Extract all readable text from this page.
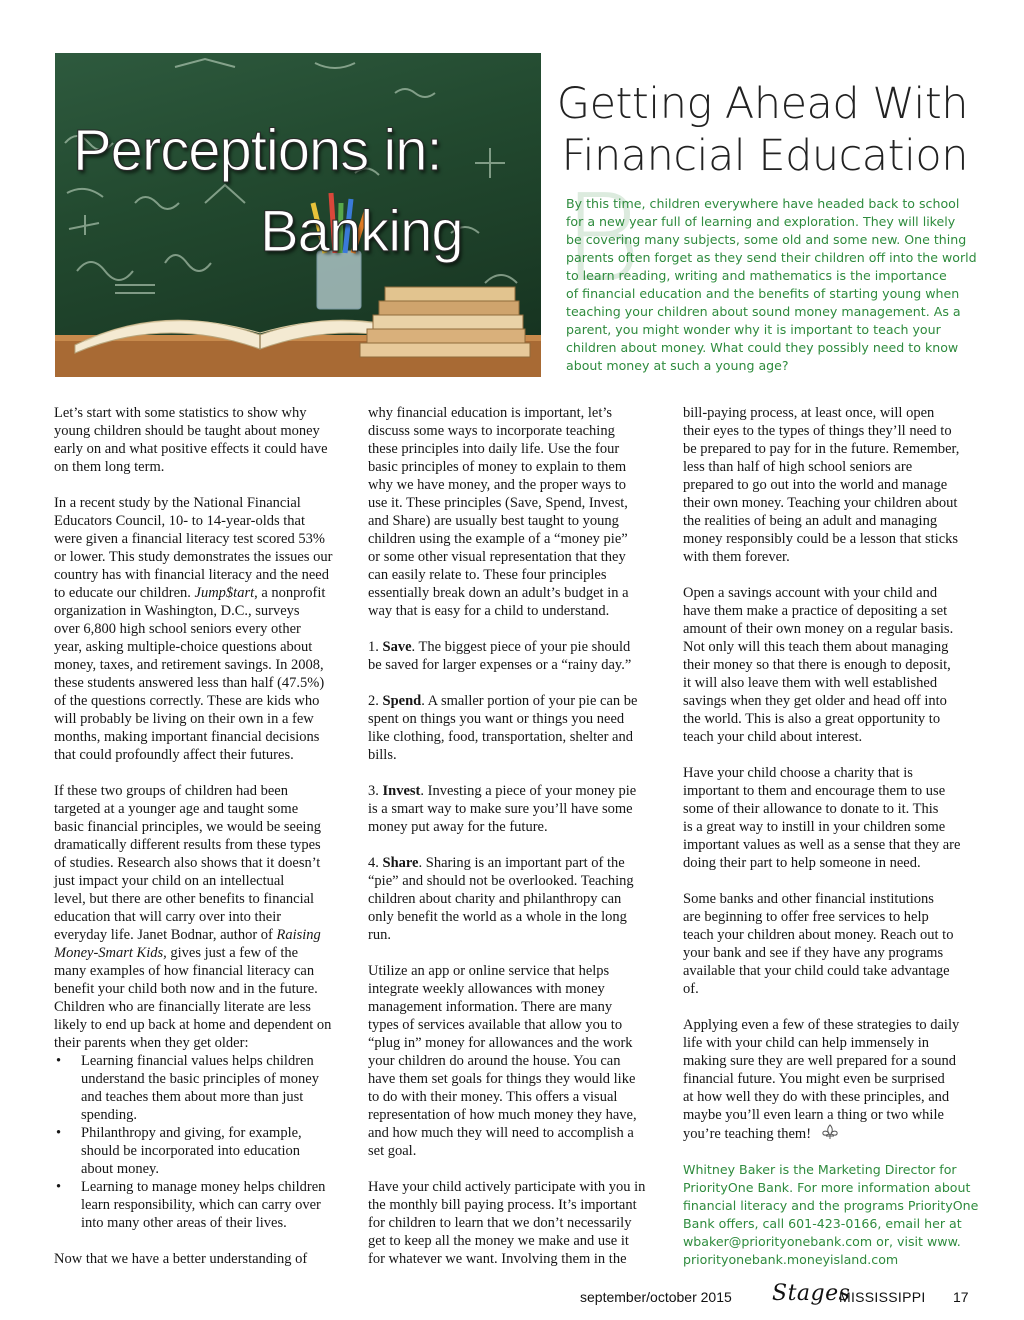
Perceptions in:
Banking
Getting Ahead With
Financial Education
B

By this time, children everywhere have headed back to school
for a new year full of learning and exploration. They will likely
be covering many subjects, some old and some new. One thing
parents often forget as they send their children off into the world
to learn reading, writing and mathematics is the importance
of financial education and the benefits of starting young when
teaching your children about sound money management. As a
parent, you might wonder why it is important to teach your
children about money. What could they possibly need to know
about money at such a young age?

Let’s start with some statistics to show why
young children should be taught about money
early on and what positive effects it could have
on them long term.

In a recent study by the National Financial
Educators Council, 10- to 14-year-olds that
were given a financial literacy test scored 53%
or lower. This study demonstrates the issues our
country has with financial literacy and the need
to educate our children. Jump$tart, a nonprofit
organization in Washington, D.C., surveys
over 6,800 high school seniors every other
year, asking multiple-choice questions about
money, taxes, and retirement savings. In 2008,
these students answered less than half (47.5%)
of the questions correctly. These are kids who
will probably be living on their own in a few
months, making important financial decisions
that could profoundly affect their futures.

If these two groups of children had been
targeted at a younger age and taught some
basic financial principles, we would be seeing
dramatically different results from these types
of studies. Research also shows that it doesn’t
just impact your child on an intellectual
level, but there are other benefits to financial
education that will carry over into their
everyday life. Janet Bodnar, author of Raising
Money-Smart Kids, gives just a few of the
many examples of how financial literacy can
benefit your child both now and in the future.
Children who are financially literate are less
likely to end up back at home and dependent on
their parents when they get older:

• Learning financial values helps children
understand the basic principles of money
and teaches them about more than just
spending.
• Philanthropy and giving, for example,
should be incorporated into education
about money.
• Learning to manage money helps children
learn responsibility, which can carry over
into many other areas of their lives.

Now that we have a better understanding of

why financial education is important, let’s
discuss some ways to incorporate teaching
these principles into daily life. Use the four
basic principles of money to explain to them
why we have money, and the proper ways to
use it. These principles (Save, Spend, Invest,
and Share) are usually best taught to young
children using the example of a “money pie”
or some other visual representation that they
can easily relate to. These four principles
essentially break down an adult’s budget in a
way that is easy for a child to understand.

1. Save. The biggest piece of your pie should
be saved for larger expenses or a “rainy day.”

2. Spend. A smaller portion of your pie can be
spent on things you want or things you need
like clothing, food, transportation, shelter and
bills.

3. Invest. Investing a piece of your money pie
is a smart way to make sure you’ll have some
money put away for the future.

4. Share. Sharing is an important part of the
“pie” and should not be overlooked. Teaching
children about charity and philanthropy can
only benefit the world as a whole in the long
run.

Utilize an app or online service that helps
integrate weekly allowances with money
management information. There are many
types of services available that allow you to
“plug in” money for allowances and the work
your children do around the house. You can
have them set goals for things they would like
to do with their money. This offers a visual
representation of how much money they have,
and how much they will need to accomplish a
set goal.

Have your child actively participate with you in
the monthly bill paying process. It’s important
for children to learn that we don’t necessarily
get to keep all the money we make and use it
for whatever we want. Involving them in the

bill-paying process, at least once, will open
their eyes to the types of things they’ll need to
be prepared to pay for in the future. Remember,
less than half of high school seniors are
prepared to go out into the world and manage
their own money. Teaching your children about
the realities of being an adult and managing
money responsibly could be a lesson that sticks
with them forever.

Open a savings account with your child and
have them make a practice of depositing a set
amount of their own money on a regular basis.
Not only will this teach them about managing
their money so that there is enough to deposit,
it will also leave them with well established
savings when they get older and head off into
the world. This is also a great opportunity to
teach your child about interest.

Have your child choose a charity that is
important to them and encourage them to use
some of their allowance to donate to it. This
is a great way to instill in your children some
important values as well as a sense that they are
doing their part to help someone in need.

Some banks and other financial institutions
are beginning to offer free services to help
teach your children about money. Reach out to
your bank and see if they have any programs
available that your child could take advantage
of.

Applying even a few of these strategies to daily
life with your child can help immensely in
making sure they are well prepared for a sound
financial future. You might even be surprised
at how well they do with these principles, and
maybe you’ll even learn a thing or two while
you’re teaching them!

Whitney Baker is the Marketing Director for
PriorityOne Bank. For more information about
financial literacy and the programs PriorityOne
Bank offers, call 601-423-0166, email her at
wbaker@priorityonebank.com or, visit www.
priorityonebank.moneyisland.com
september/october 2015 Stages
MISSISSIPPI 17
